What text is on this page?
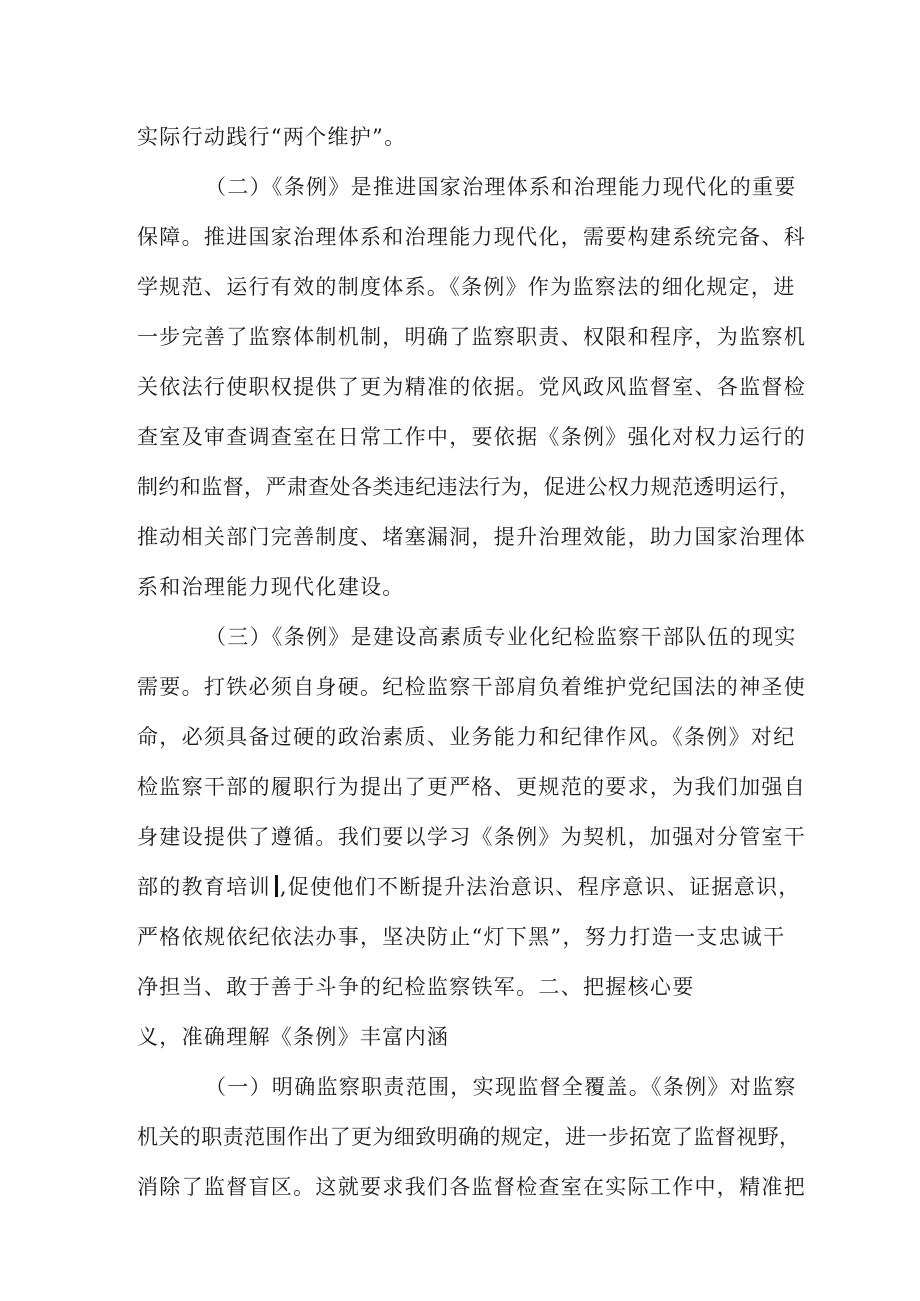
实际行动践行“两个维护”。
（二）《条例》是推进国家治理体系和治理能力现代化的重要
保障。推进国家治理体系和治理能力现代化，需要构建系统完备、科
学规范、运行有效的制度体系。《条例》作为监察法的细化规定，进
一步完善了监察体制机制，明确了监察职责、权限和程序，为监察机
关依法行使职权提供了更为精准的依据。党风政风监督室、各监督检
查室及审查调查室在日常工作中，要依据《条例》强化对权力运行的
制约和监督，严肃查处各类违纪违法行为，促进公权力规范透明运行，
推动相关部门完善制度、堵塞漏洞，提升治理效能，助力国家治理体
系和治理能力现代化建设。
（三）《条例》是建设高素质专业化纪检监察干部队伍的现实
需要。打铁必须自身硬。纪检监察干部肩负着维护党纪国法的神圣使
命，必须具备过硬的政治素质、业务能力和纪律作风。《条例》对纪
检监察干部的履职行为提出了更严格、更规范的要求，为我们加强自
身建设提供了遵循。我们要以学习《条例》为契机，加强对分管室干
部的教育培训 ,促使他们不断提升法治意识、程序意识、证据意识，
严格依规依纪依法办事，坚决防止“灯下黑”，努力打造一支忠诚干
净担当、敢于善于斗争的纪检监察铁军。二、把握核心要
义，准确理解《条例》丰富内涵
（一）明确监察职责范围，实现监督全覆盖。《条例》对监察
机关的职责范围作出了更为细致明确的规定，进一步拓宽了监督视野，
消除了监督盲区。这就要求我们各监督检查室在实际工作中，精准把
